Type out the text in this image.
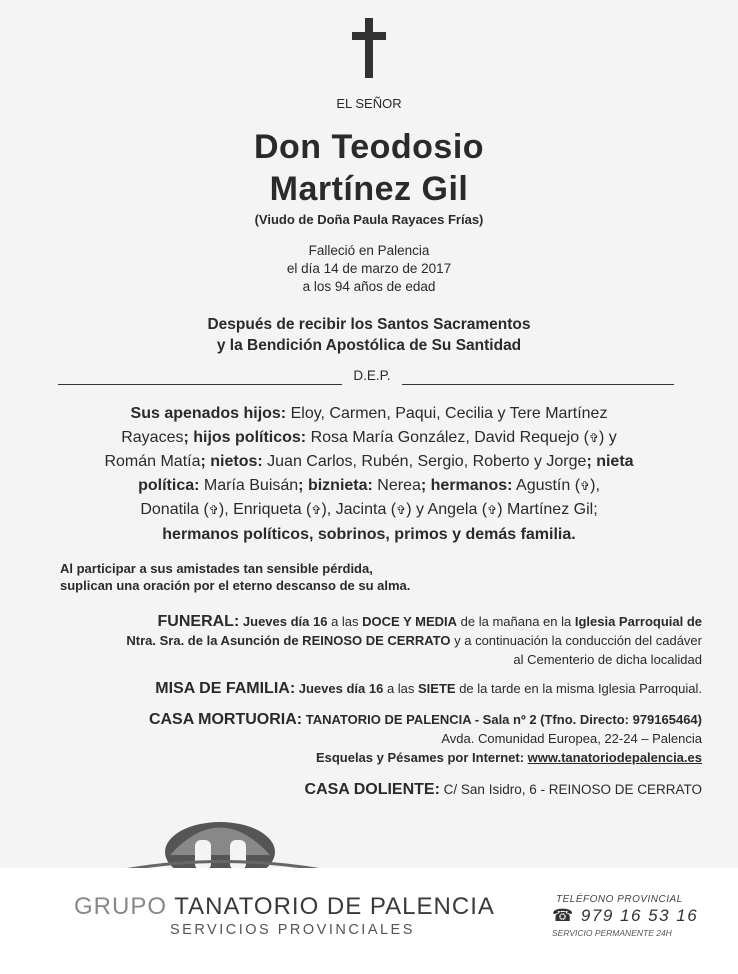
EL SEÑOR
Don Teodosio
Martínez Gil
(Viudo de Doña Paula Rayaces Frías)
Falleció en Palencia
el día 14 de marzo de 2017
a los 94 años de edad
Después de recibir los Santos Sacramentos
y la Bendición Apostólica de Su Santidad
D.E.P.
Sus apenados hijos: Eloy, Carmen, Paqui, Cecilia y Tere Martínez
Rayaces; hijos políticos: Rosa María González, David Requejo (✞) y
Román Matía; nietos: Juan Carlos, Rubén, Sergio, Roberto y Jorge; nieta
política: María Buisán; biznieta: Nerea; hermanos: Agustín (✞),
Donatila (✞), Enriqueta (✞), Jacinta (✞) y Angela (✞) Martínez Gil;
hermanos políticos, sobrinos, primos y demás familia.
Al participar a sus amistades tan sensible pérdida,
suplican una oración por el eterno descanso de su alma.
FUNERAL: Jueves día 16 a las DOCE Y MEDIA de la mañana en la Iglesia Parroquial de
Ntra. Sra. de la Asunción de REINOSO DE CERRATO y a continuación la conducción del cadáver
al Cementerio de dicha localidad
MISA DE FAMILIA: Jueves día 16 a las SIETE de la tarde en la misma Iglesia Parroquial.
CASA MORTUORIA: TANATORIO DE PALENCIA - Sala nº 2 (Tfno. Directo: 979165464)
Avda. Comunidad Europea, 22-24 – Palencia
Esquelas y Pésames por Internet: www.tanatoriodepalencia.es
CASA DOLIENTE: C/ San Isidro, 6 - REINOSO DE CERRATO
GRUPO TANATORIO DE PALENCIA
SERVICIOS PROVINCIALES
TELÉFONO PROVINCIAL
☎ 979 16 53 16
SERVICIO PERMANENTE 24H
